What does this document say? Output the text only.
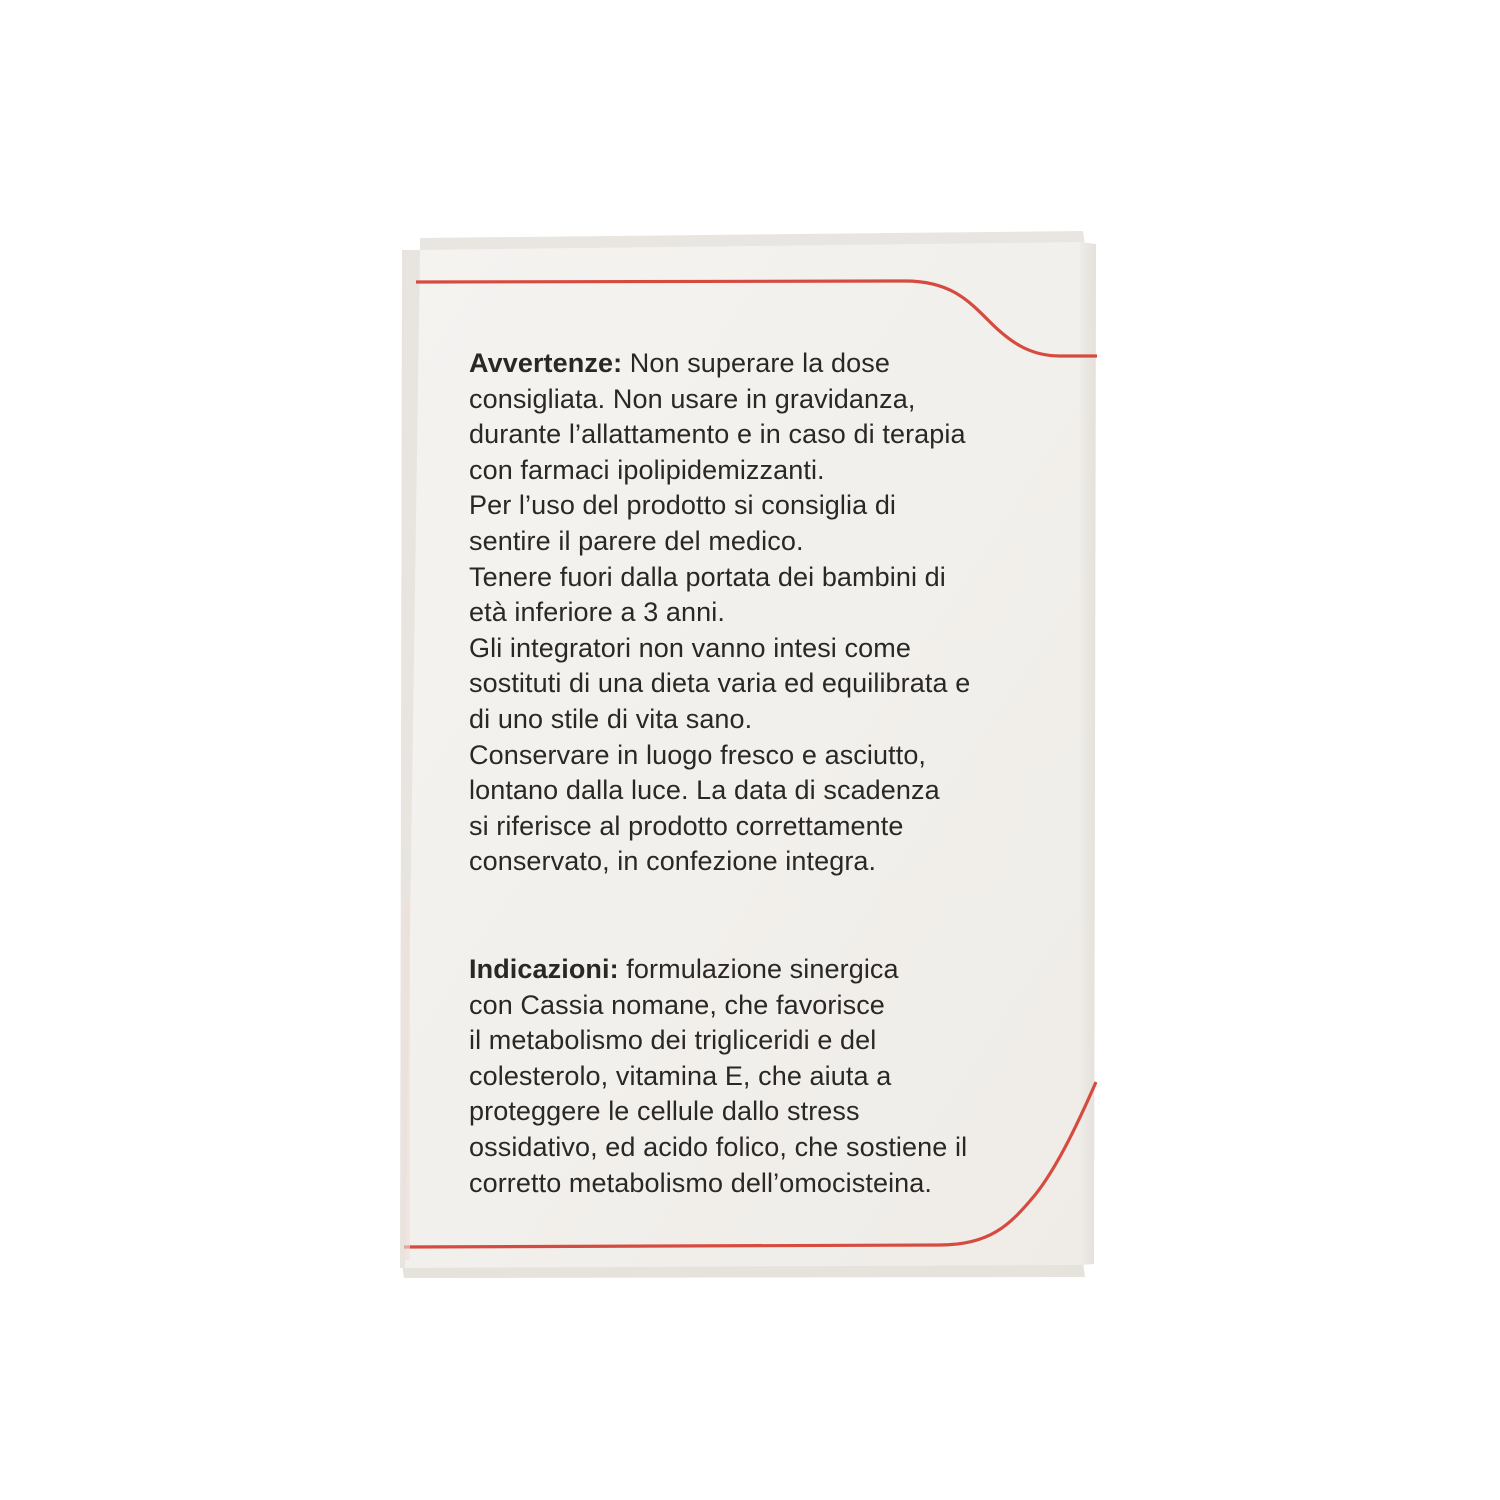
Avvertenze: Non superare la dose
consigliata. Non usare in gravidanza,
durante l’allattamento e in caso di terapia
con farmaci ipolipidemizzanti.
Per l’uso del prodotto si consiglia di
sentire il parere del medico.
Tenere fuori dalla portata dei bambini di
età inferiore a 3 anni.
Gli integratori non vanno intesi come
sostituti di una dieta varia ed equilibrata e
di uno stile di vita sano.
Conservare in luogo fresco e asciutto,
lontano dalla luce. La data di scadenza
si riferisce al prodotto correttamente
conservato, in confezione integra.
Indicazioni: formulazione sinergica
con Cassia nomane, che favorisce
il metabolismo dei trigliceridi e del
colesterolo, vitamina E, che aiuta a
proteggere le cellule dallo stress
ossidativo, ed acido folico, che sostiene il
corretto metabolismo dell’omocisteina.
